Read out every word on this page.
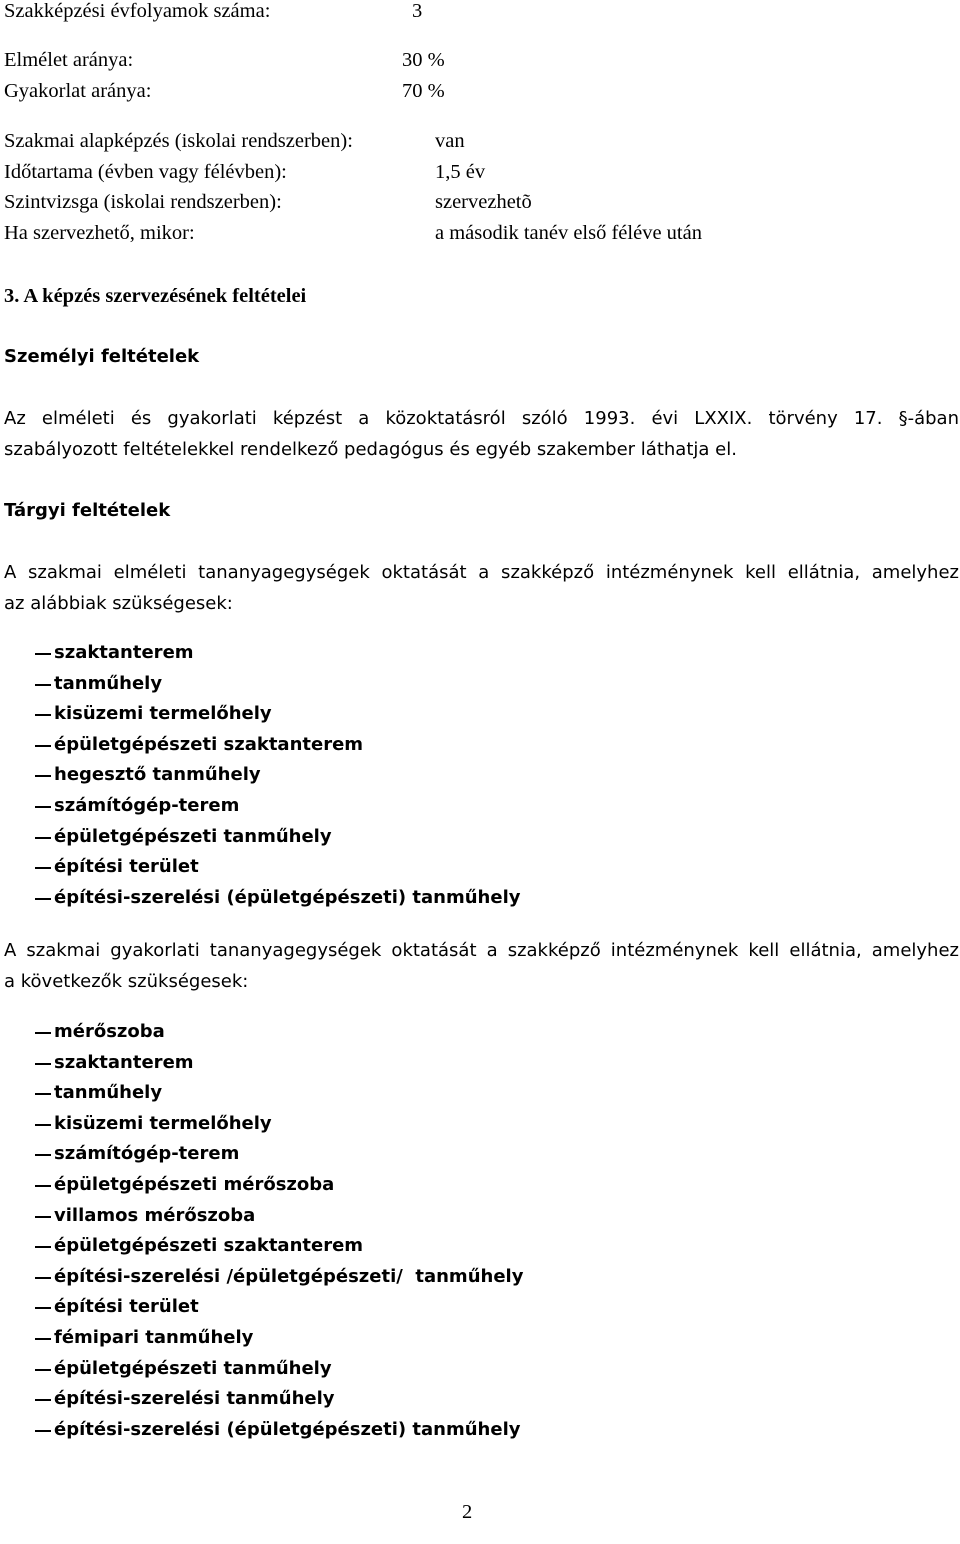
Szakképzési évfolyamok száma:	3
Elmélet aránya:	30 %
Gyakorlat aránya:	70 %
Szakmai alapképzés (iskolai rendszerben):	van
Időtartama (évben vagy félévben):	1,5 év
Szintvizsga (iskolai rendszerben):	szervezhetõ
Ha szervezhető, mikor:	a második tanév első féléve után
3. A képzés szervezésének feltételei
Személyi feltételek
Az elméleti és gyakorlati képzést a közoktatásról szóló 1993. évi LXXIX. törvény 17. §-ában
szabályozott feltételekkel rendelkező pedagógus és egyéb szakember láthatja el.
Tárgyi feltételek
A szakmai elméleti tananyagegységek oktatását a szakképző intézménynek kell ellátnia, amelyhez
az alábbiak szükségesek:
szaktanterem
tanműhely
kisüzemi termelőhely
épületgépészeti szaktanterem
hegesztő tanműhely
számítógép-terem
épületgépészeti tanműhely
építési terület
építési-szerelési (épületgépészeti) tanműhely
A szakmai gyakorlati tananyagegységek oktatását a szakképző intézménynek kell ellátnia, amelyhez
a következők szükségesek:
mérőszoba
szaktanterem
tanműhely
kisüzemi termelőhely
számítógép-terem
épületgépészeti mérőszoba
villamos mérőszoba
épületgépészeti szaktanterem
építési-szerelési /épületgépészeti/  tanműhely
építési terület
fémipari tanműhely
épületgépészeti tanműhely
építési-szerelési tanműhely
építési-szerelési (épületgépészeti) tanműhely
2
